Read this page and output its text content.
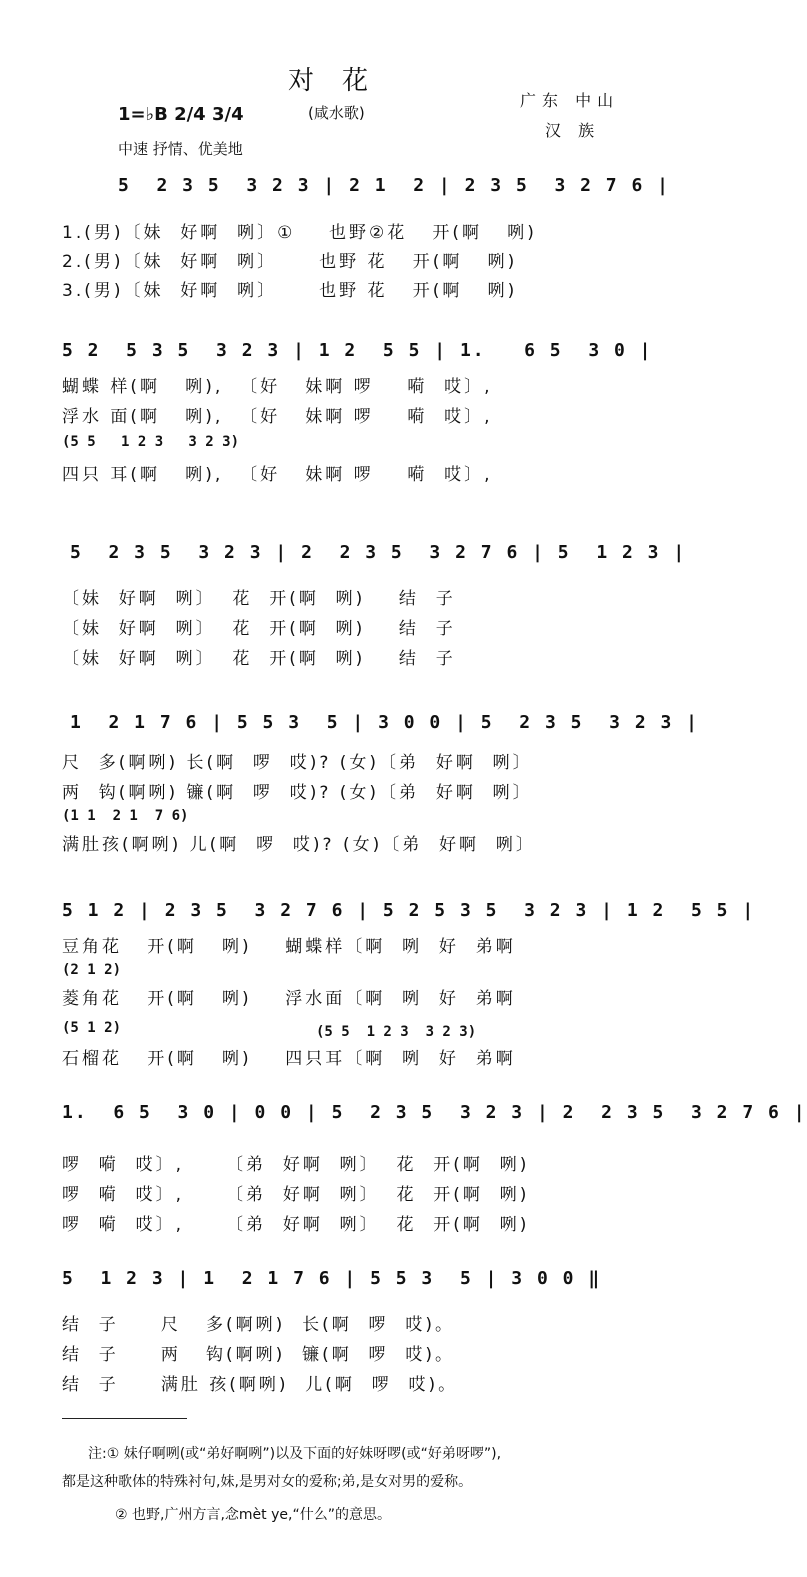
对花
(咸水歌)
广东 中山
汉 族
1=♭B 2/4 3/4
中速 抒情、优美地
5  2 3 5  3 2 3 | 2 1  2 | 2 3 5  3 2 7 6 |
1.(男)〔妹  好啊  咧〕①    也野②花   开(啊   咧)
2.(男)〔妹  好啊  咧〕     也野 花   开(啊   咧)
3.(男)〔妹  好啊  咧〕     也野 花   开(啊   咧)
5 2  5 3 5  3 2 3 | 1 2  5 5 | 1.   6 5  3 0 |
蝴蝶 样(啊   咧),  〔好   妹啊 啰    嗬  哎〕,
浮水 面(啊   咧),  〔好   妹啊 啰    嗬  哎〕,
(5 5   1 2 3   3 2 3)
四只 耳(啊   咧),  〔好   妹啊 啰    嗬  哎〕,
5  2 3 5  3 2 3 | 2  2 3 5  3 2 7 6 | 5  1 2 3 |
〔妹  好啊  咧〕  花  开(啊  咧)    结  子
〔妹  好啊  咧〕  花  开(啊  咧)    结  子
〔妹  好啊  咧〕  花  开(啊  咧)    结  子
1  2 1 7 6 | 5 5 3  5 | 3 0 0 | 5  2 3 5  3 2 3 |
尺  多(啊咧) 长(啊  啰  哎)? (女)〔弟  好啊  咧〕
两  钩(啊咧) 镰(啊  啰  哎)? (女)〔弟  好啊  咧〕
(1 1  2 1  7 6)
满肚孩(啊咧) 儿(啊  啰  哎)? (女)〔弟  好啊  咧〕
5 1 2 | 2 3 5  3 2 7 6 | 5 2 5 3 5  3 2 3 | 1 2  5 5 |
豆角花   开(啊   咧)    蝴蝶样〔啊  咧  好  弟啊
(2 1 2)
菱角花   开(啊   咧)    浮水面〔啊  咧  好  弟啊
(5 1 2)	(5 5  1 2 3  3 2 3)
石榴花   开(啊   咧)    四只耳〔啊  咧  好  弟啊
1.  6 5  3 0 | 0 0 | 5  2 3 5  3 2 3 | 2  2 3 5  3 2 7 6 |
啰  嗬  哎〕,     〔弟  好啊  咧〕  花  开(啊  咧)
啰  嗬  哎〕,     〔弟  好啊  咧〕  花  开(啊  咧)
啰  嗬  哎〕,     〔弟  好啊  咧〕  花  开(啊  咧)
5  1 2 3 | 1  2 1 7 6 | 5 5 3  5 | 3 0 0 ‖
结  子     尺   多(啊咧)  长(啊  啰  哎)。
结  子     两   钩(啊咧)  镰(啊  啰  哎)。
结  子     满肚 孩(啊咧)  儿(啊  啰  哎)。
注:① 妹仔啊咧(或“弟好啊咧”)以及下面的好妹呀啰(或“好弟呀啰”),
都是这种歌体的特殊衬句,妹,是男对女的爱称;弟,是女对男的爱称。
② 也野,广州方言,念mèt ye,“什么”的意思。
